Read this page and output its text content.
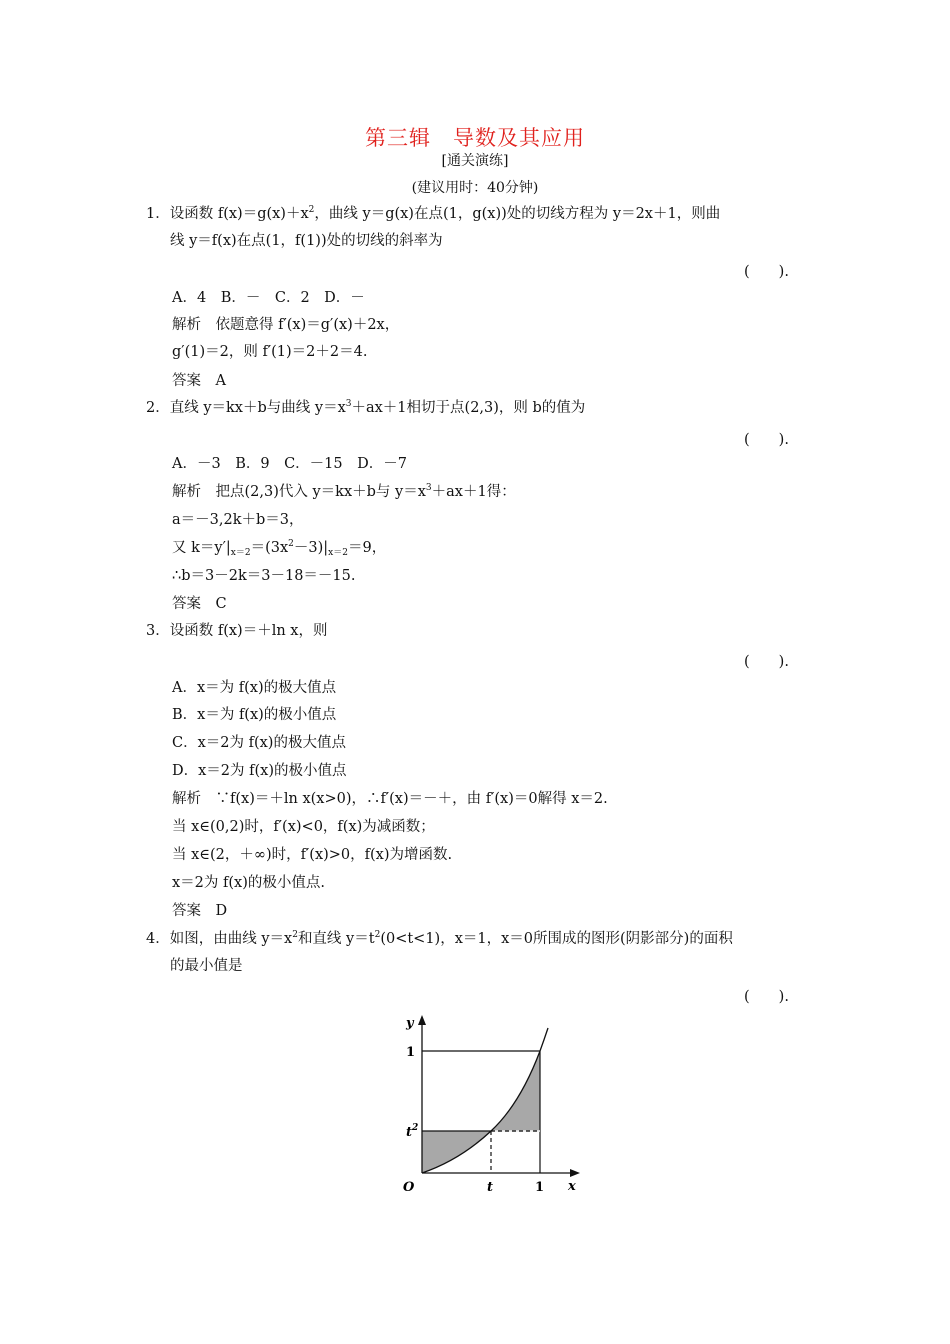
第三辑　导数及其应用
[通关演练]
(建议用时：40分钟)
1．设函数 $f(x)=g(x)+x^2$，曲线 y＝g(x)在点(1，g(x))处的切线方程为 y＝2x＋1，则曲
线 y＝f(x)在点(1，f(1))处的切线的斜率为
(　　).
A．4　B．－　C．2　D．－
解析　依题意得 f′(x)＝g′(x)＋2x，
g′(1)＝2，则 f′(1)＝2＋2＝4.
答案　A
2．直线 y＝kx＋b与曲线 $y=x^3+ax+1$相切于点(2,3)，则 b的值为
(　　).
A．－3　B．9　C．－15　D．－7
解析　把点(2,3)代入 y＝kx＋b与 $y=x^3+ax+1$得：
a＝－3,2k＋b＝3，
又 $k=y'|_{x=2}=(3x^2-3)|_{x=2}=9$，
∴b＝3－2k＝3－18＝－15.
答案　C
3．设函数 f(x)＝＋ln x，则
(　　).
A．x＝为 f(x)的极大值点
B．x＝为 f(x)的极小值点
C．x＝2为 f(x)的极大值点
D．x＝2为 f(x)的极小值点
解析　∵f(x)＝＋ln x(x>0)，∴f′(x)＝－＋，由 f′(x)＝0解得 x＝2.
当 x∈(0,2)时，f′(x)<0，f(x)为减函数；
当 x∈(2，＋∞)时，f′(x)>0，f(x)为增函数.
x＝2为 f(x)的极小值点.
答案　D
4．如图，由曲线 $y=x^2$和直线 $y=t^2(0<t<1)$，x＝1，x＝0所围成的图形(阴影部分)的面积
的最小值是
(　　).
y
x
O
1
$t^2$
t	1
